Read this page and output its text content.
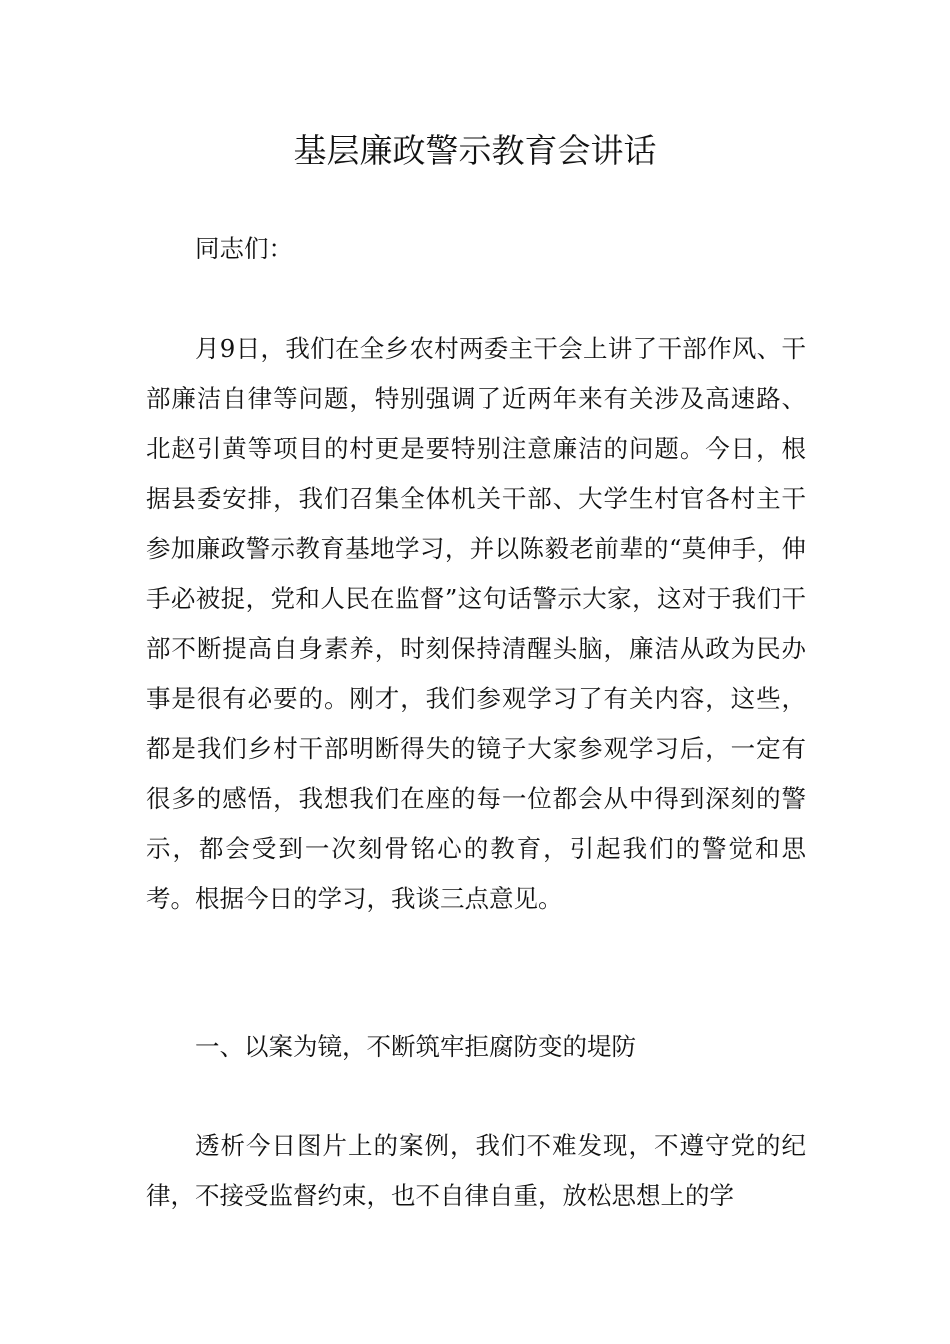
基层廉政警示教育会讲话

同志们：

月9日，我们在全乡农村两委主干会上讲了干部作风、干部廉洁自律等问题，特别强调了近两年来有关涉及高速路、北赵引黄等项目的村更是要特别注意廉洁的问题。今日，根据县委安排，我们召集全体机关干部、大学生村官各村主干参加廉政警示教育基地学习，并以陈毅老前辈的“莫伸手，伸手必被捉，党和人民在监督”这句话警示大家，这对于我们干部不断提高自身素养，时刻保持清醒头脑，廉洁从政为民办事是很有必要的。刚才，我们参观学习了有关内容，这些，都是我们乡村干部明断得失的镜子大家参观学习后，一定有很多的感悟，我想我们在座的每一位都会从中得到深刻的警示，都会受到一次刻骨铭心的教育，引起我们的警觉和思考。根据今日的学习，我谈三点意见。

一、以案为镜，不断筑牢拒腐防变的堤防

透析今日图片上的案例，我们不难发现，不遵守党的纪律，不接受监督约束，也不自律自重，放松思想上的学
